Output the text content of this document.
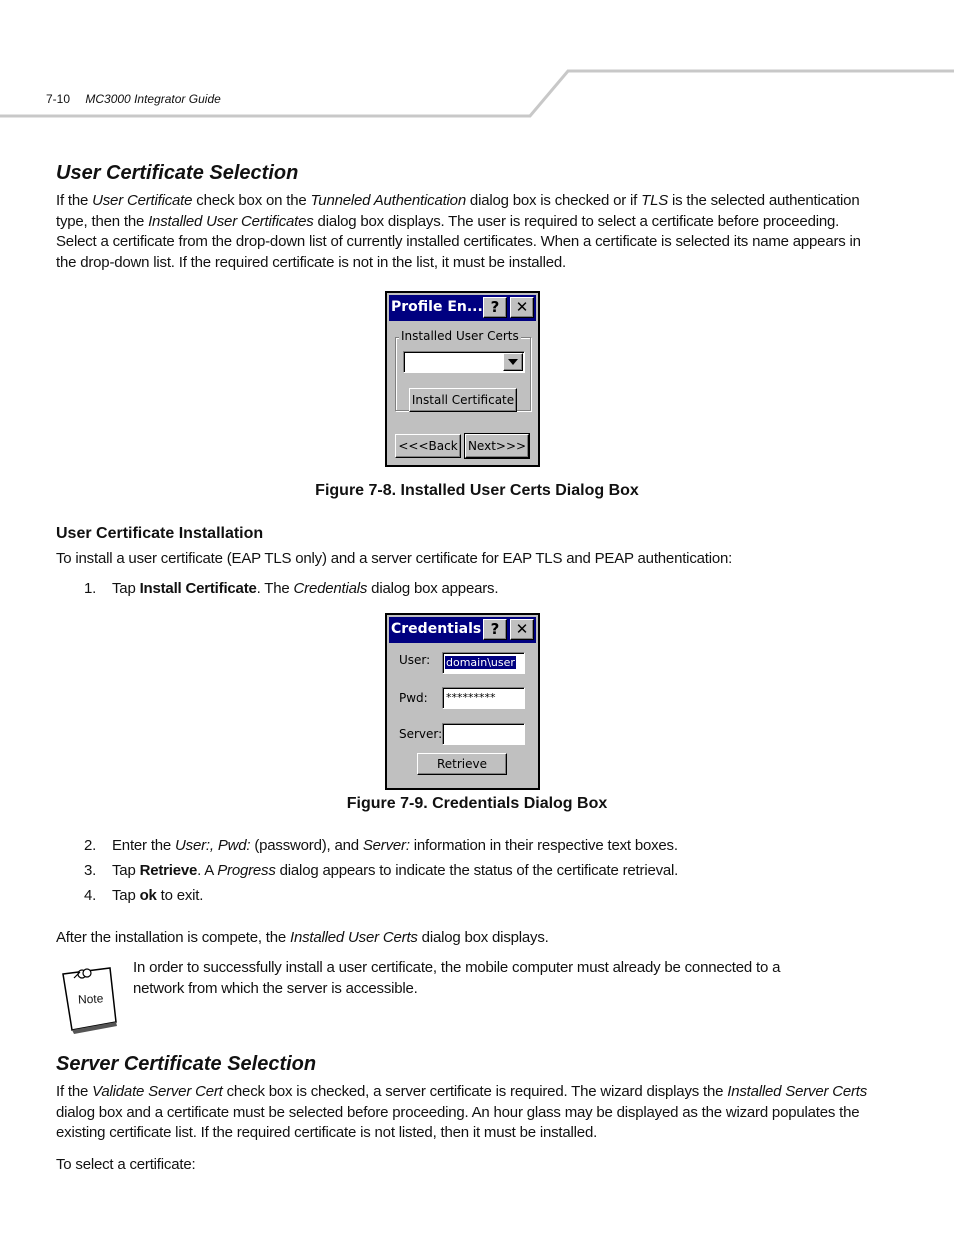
7-10 MC3000 Integrator Guide
User Certificate Selection

If the User Certificate check box on the Tunneled Authentication dialog box is checked or if TLS is the selected authentication type, then the Installed User Certificates dialog box displays. The user is required to select a certificate before proceeding. Select a certificate from the drop-down list of currently installed certificates. When a certificate is selected its name appears in the drop-down list. If the required certificate is not in the list, it must be installed.

Profile En... ?	✕
Installed User Certs
Install Certificate
<<<Back Next>>>
Figure 7-8. Installed User Certs Dialog Box
User Certificate Installation

To install a user certificate (EAP TLS only) and a server certificate for EAP TLS and PEAP authentication:

1. Tap Install Certificate. The Credentials dialog box appears.
Credentials ?	✕
User:	domain\user
Pwd:	*********
Server:
Retrieve
Figure 7-9. Credentials Dialog Box
2. Enter the User:, Pwd: (password), and Server: information in their respective text boxes.
3. Tap Retrieve. A Progress dialog appears to indicate the status of the certificate retrieval.
4. Tap ok to exit.

After the installation is compete, the Installed User Certs dialog box displays.

Note
In order to successfully install a user certificate, the mobile computer must already be connected to a network from which the server is accessible.
Server Certificate Selection

If the Validate Server Cert check box is checked, a server certificate is required. The wizard displays the Installed Server Certs dialog box and a certificate must be selected before proceeding. An hour glass may be displayed as the wizard populates the existing certificate list. If the required certificate is not listed, then it must be installed.

To select a certificate:
